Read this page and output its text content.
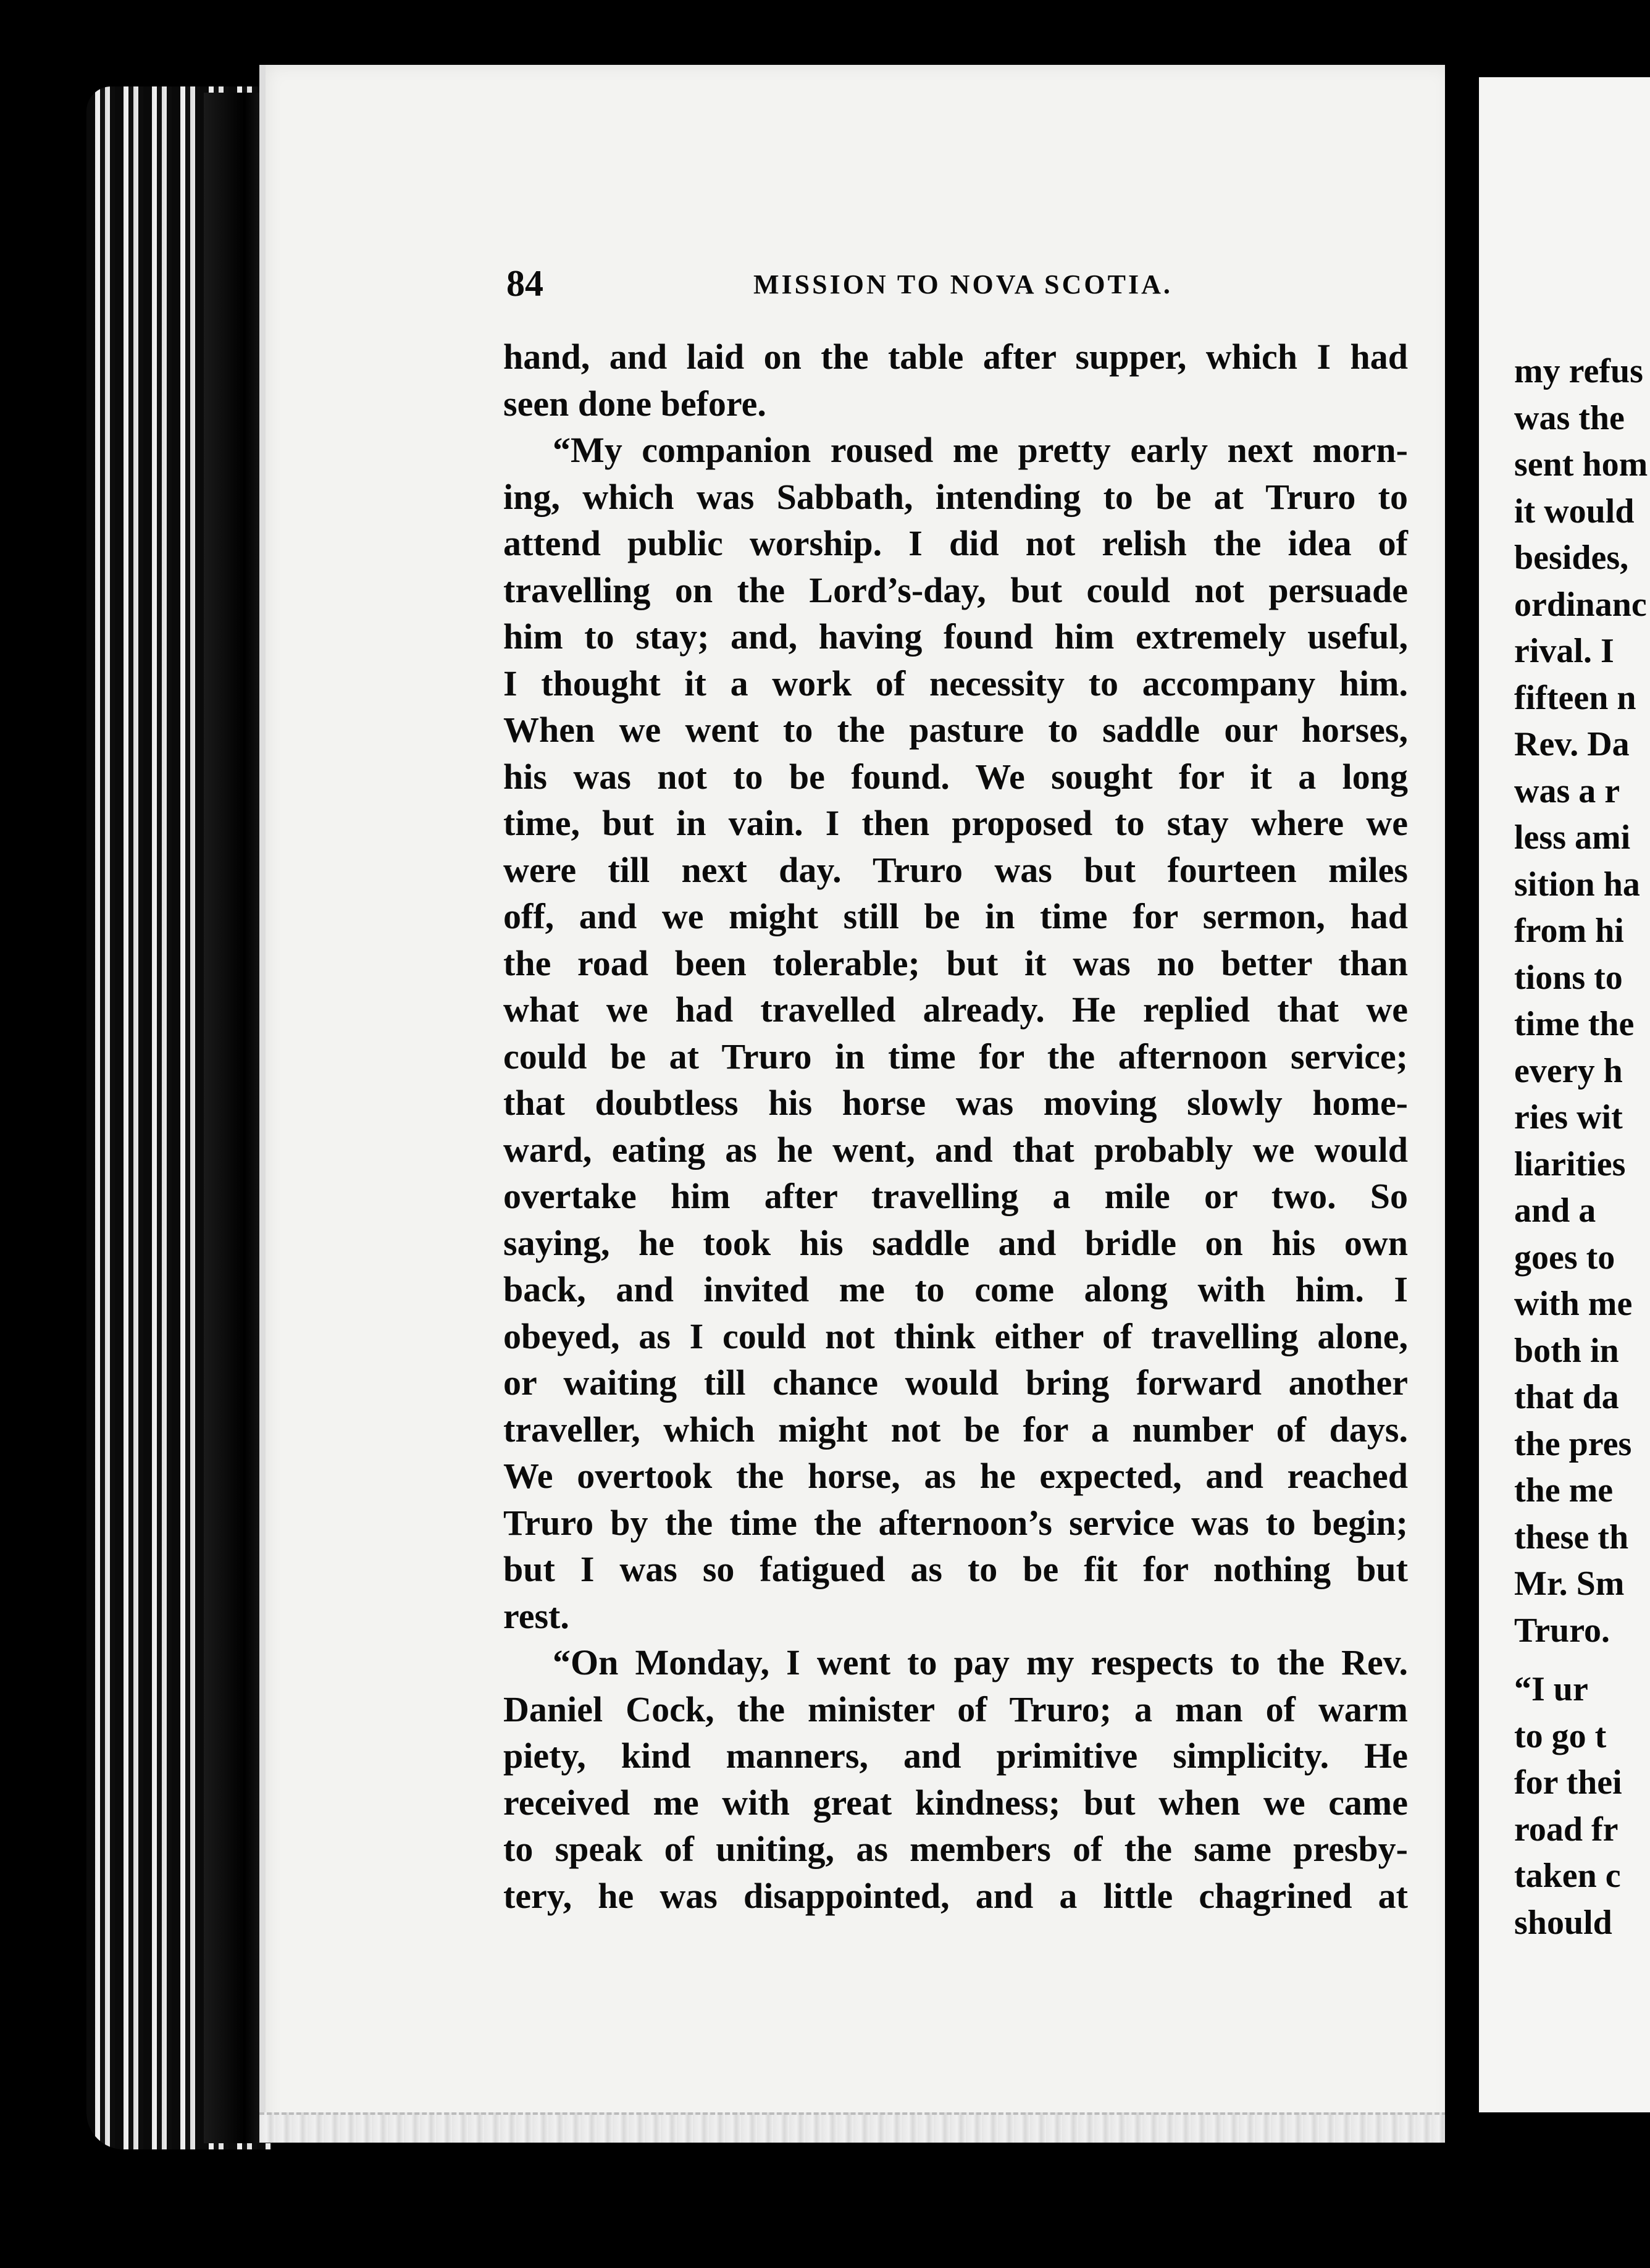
84	MISSION TO NOVA SCOTIA.
hand, and laid on the table after supper, which I had
seen done before.
“My companion roused me pretty early next morn-
ing, which was Sabbath, intending to be at Truro to
attend public worship. I did not relish the idea of
travelling on the Lord’s-day, but could not persuade
him to stay; and, having found him extremely useful,
I thought it a work of necessity to accompany him.
When we went to the pasture to saddle our horses,
his was not to be found. We sought for it a long
time, but in vain. I then proposed to stay where we
were till next day. Truro was but fourteen miles
off, and we might still be in time for sermon, had
the road been tolerable; but it was no better than
what we had travelled already. He replied that we
could be at Truro in time for the afternoon service;
that doubtless his horse was moving slowly home-
ward, eating as he went, and that probably we would
overtake him after travelling a mile or two. So
saying, he took his saddle and bridle on his own
back, and invited me to come along with him. I
obeyed, as I could not think either of travelling alone,
or waiting till chance would bring forward another
traveller, which might not be for a number of days.
We overtook the horse, as he expected, and reached
Truro by the time the afternoon’s service was to begin;
but I was so fatigued as to be fit for nothing but
rest.
“On Monday, I went to pay my respects to the Rev.
Daniel Cock, the minister of Truro; a man of warm
piety, kind manners, and primitive simplicity. He
received me with great kindness; but when we came
to speak of uniting, as members of the same presby-
tery, he was disappointed, and a little chagrined at
my refus
was the
sent hom
it would
besides,
ordinanc
rival. I
fifteen n
Rev. Da
was a r
less ami
sition ha
from hi
tions to
time the
every h
ries wit
liarities
and a
goes to
with me
both in
that da
the pres
the me
these th
Mr. Sm
Truro.
“I ur
to go t
for thei
road fr
taken c
should
